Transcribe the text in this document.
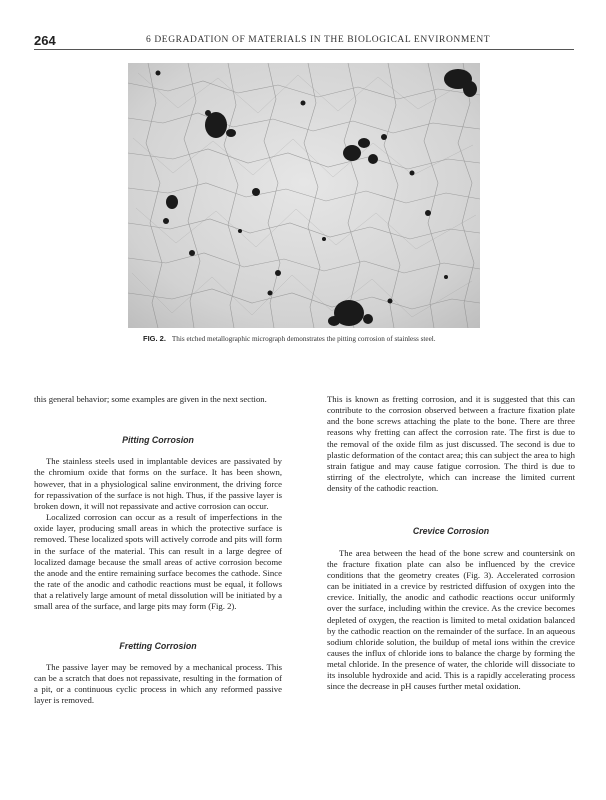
264	6 DEGRADATION OF MATERIALS IN THE BIOLOGICAL ENVIRONMENT
FIG. 2. This etched metallographic micrograph demonstrates the pitting corrosion of stainless steel.

this general behavior; some examples are given in the next section.

Pitting Corrosion

The stainless steels used in implantable devices are passivated by the chromium oxide that forms on the surface. It has been shown, however, that in a physiological saline environment, the driving force for repassivation of the surface is not high. Thus, if the passive layer is broken down, it will not repassivate and active corrosion can occur.

Localized corrosion can occur as a result of imperfections in the oxide layer, producing small areas in which the protective surface is removed. These localized spots will actively corrode and pits will form in the surface of the material. This can result in a large degree of localized damage because the small areas of active corrosion become the anode and the entire remaining surface becomes the cathode. Since the rate of the anodic and cathodic reactions must be equal, it follows that a relatively large amount of metal dissolution will be initiated by a small area of the surface, and large pits may form (Fig. 2).

Fretting Corrosion

The passive layer may be removed by a mechanical process. This can be a scratch that does not repassivate, resulting in the formation of a pit, or a continuous cyclic process in which any reformed passive layer is removed.

This is known as fretting corrosion, and it is suggested that this can contribute to the corrosion observed between a fracture fixation plate and the bone screws attaching the plate to the bone. There are three reasons why fretting can affect the corrosion rate. The first is due to the removal of the oxide film as just discussed. The second is due to plastic deformation of the contact area; this can subject the area to high strain fatigue and may cause fatigue corrosion. The third is due to stirring of the electrolyte, which can increase the limited current density of the cathodic reaction.

Crevice Corrosion

The area between the head of the bone screw and countersink on the fracture fixation plate can also be influenced by the crevice conditions that the geometry creates (Fig. 3). Accelerated corrosion can be initiated in a crevice by restricted diffusion of oxygen into the crevice. Initially, the anodic and cathodic reactions occur uniformly over the surface, including within the crevice. As the crevice becomes depleted of oxygen, the reaction is limited to metal oxidation balanced by the cathodic reaction on the remainder of the surface. In an aqueous sodium chloride solution, the buildup of metal ions within the crevice causes the influx of chloride ions to balance the charge by forming the metal chloride. In the presence of water, the chloride will dissociate to its insoluble hydroxide and acid. This is a rapidly accelerating process since the decrease in pH causes further metal oxidation.
